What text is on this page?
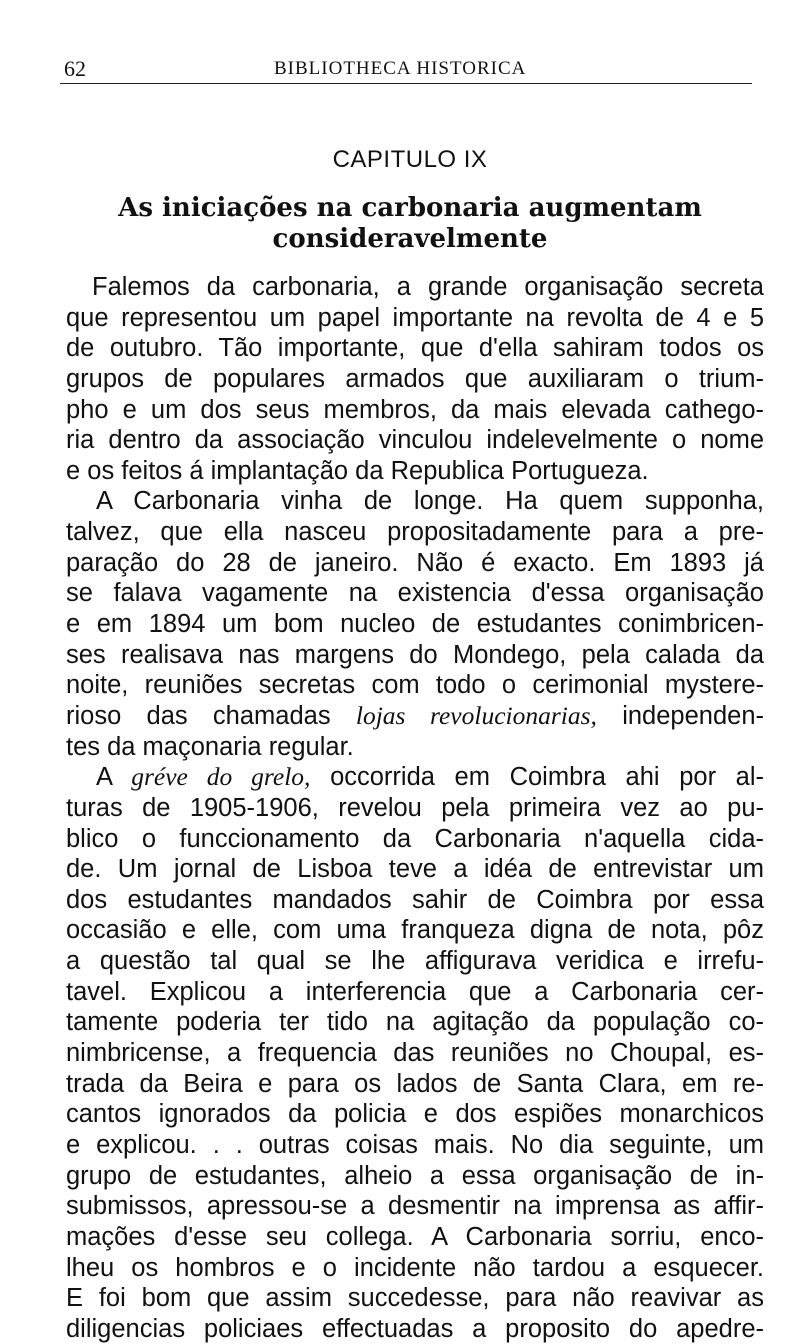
62	BIBLIOTHECA HISTORICA
CAPITULO IX
As iniciações na carbonaria augmentam
consideravelmente
Falemos da carbonaria, a grande organisação secreta
que representou um papel importante na revolta de 4 e 5
de outubro. Tão importante, que d'ella sahiram todos os
grupos de populares armados que auxiliaram o trium-
pho e um dos seus membros, da mais elevada cathego-
ria dentro da associação vinculou indelevelmente o nome
e os feitos á implantação da Republica Portugueza.
A Carbonaria vinha de longe. Ha quem supponha,
talvez, que ella nasceu propositadamente para a pre-
paração do 28 de janeiro. Não é exacto. Em 1893 já
se falava vagamente na existencia d'essa organisação
e em 1894 um bom nucleo de estudantes conimbricen-
ses realisava nas margens do Mondego, pela calada da
noite, reuniões secretas com todo o cerimonial mystere-
rioso das chamadas lojas revolucionarias, independen-
tes da maçonaria regular.
A gréve do grelo, occorrida em Coimbra ahi por al-
turas de 1905-1906, revelou pela primeira vez ao pu-
blico o funccionamento da Carbonaria n'aquella cida-
de. Um jornal de Lisboa teve a idéa de entrevistar um
dos estudantes mandados sahir de Coimbra por essa
occasião e elle, com uma franqueza digna de nota, pôz
a questão tal qual se lhe affigurava veridica e irrefu-
tavel. Explicou a interferencia que a Carbonaria cer-
tamente poderia ter tido na agitação da população co-
nimbricense, a frequencia das reuniões no Choupal, es-
trada da Beira e para os lados de Santa Clara, em re-
cantos ignorados da policia e dos espiões monarchicos
e explicou. . . outras coisas mais. No dia seguinte, um
grupo de estudantes, alheio a essa organisação de in-
submissos, apressou-se a desmentir na imprensa as affir-
mações d'esse seu collega. A Carbonaria sorriu, enco-
lheu os hombros e o incidente não tardou a esquecer.
E foi bom que assim succedesse, para não reavivar as
diligencias policiaes effectuadas a proposito do apedre-
